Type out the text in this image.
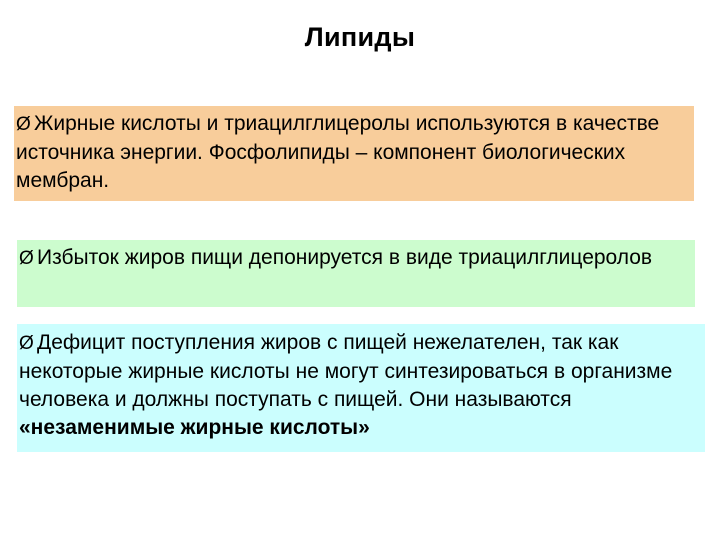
Липиды
Ø Жирные кислоты и триацилглицеролы используются в качестве источника энергии. Фосфолипиды – компонент биологических мембран.
Ø Избыток жиров пищи депонируется в виде триацилглицеролов
Ø Дефицит поступления жиров с пищей нежелателен, так как некоторые жирные кислоты не могут синтезироваться в организме человека и должны поступать с пищей. Они называются «незаменимые жирные кислоты»
